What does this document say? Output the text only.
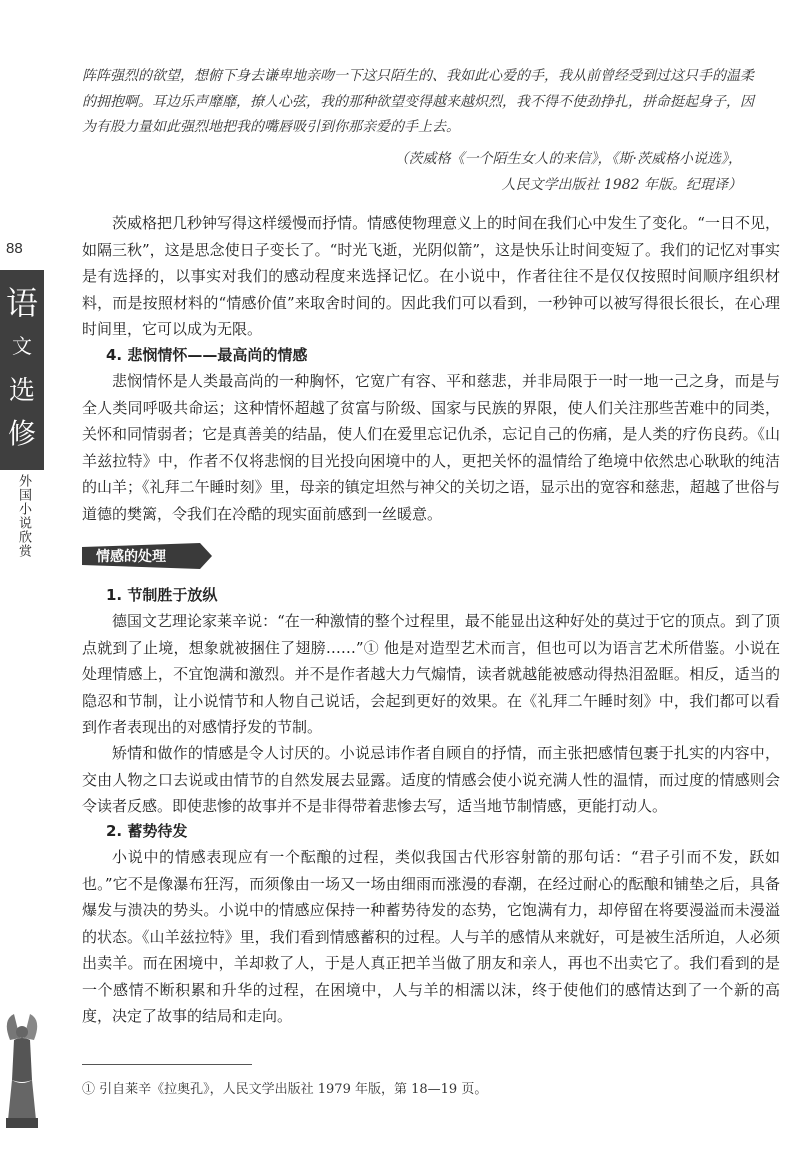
88
语
文
选
修
外国小说欣赏
阵阵强烈的欲望，想俯下身去谦卑地亲吻一下这只陌生的、我如此心爱的手，我从前曾经受到过这只手的温柔的拥抱啊。耳边乐声靡靡，撩人心弦，我的那种欲望变得越来越炽烈，我不得不使劲挣扎，拼命挺起身子，因为有股力量如此强烈地把我的嘴唇吸引到你那亲爱的手上去。
（茨威格《一个陌生女人的来信》，《斯·茨威格小说选》，
人民文学出版社 1982 年版。纪琨译）

茨威格把几秒钟写得这样缓慢而抒情。情感使物理意义上的时间在我们心中发生了变化。“一日不见，如隔三秋”，这是思念使日子变长了。“时光飞逝，光阴似箭”，这是快乐让时间变短了。我们的记忆对事实是有选择的，以事实对我们的感动程度来选择记忆。在小说中，作者往往不是仅仅按照时间顺序组织材料，而是按照材料的“情感价值”来取舍时间的。因此我们可以看到，一秒钟可以被写得很长很长，在心理时间里，它可以成为无限。

4. 悲悯情怀——最高尚的情感

悲悯情怀是人类最高尚的一种胸怀，它宽广有容、平和慈悲，并非局限于一时一地一己之身，而是与全人类同呼吸共命运；这种情怀超越了贫富与阶级、国家与民族的界限，使人们关注那些苦难中的同类，关怀和同情弱者；它是真善美的结晶，使人们在爱里忘记仇杀，忘记自己的伤痛，是人类的疗伤良药。《山羊兹拉特》中，作者不仅将悲悯的目光投向困境中的人，更把关怀的温情给了绝境中依然忠心耿耿的纯洁的山羊；《礼拜二午睡时刻》里，母亲的镇定坦然与神父的关切之语，显示出的宽容和慈悲，超越了世俗与道德的樊篱，令我们在冷酷的现实面前感到一丝暖意。

情感的处理
1. 节制胜于放纵

德国文艺理论家莱辛说：“在一种激情的整个过程里，最不能显出这种好处的莫过于它的顶点。到了顶点就到了止境，想象就被捆住了翅膀……”① 他是对造型艺术而言，但也可以为语言艺术所借鉴。小说在处理情感上，不宜饱满和激烈。并不是作者越大力气煽情，读者就越能被感动得热泪盈眶。相反，适当的隐忍和节制，让小说情节和人物自己说话，会起到更好的效果。在《礼拜二午睡时刻》中，我们都可以看到作者表现出的对感情抒发的节制。

矫情和做作的情感是令人讨厌的。小说忌讳作者自顾自的抒情，而主张把感情包裹于扎实的内容中，交由人物之口去说或由情节的自然发展去显露。适度的情感会使小说充满人性的温情，而过度的情感则会令读者反感。即使悲惨的故事并不是非得带着悲惨去写，适当地节制情感，更能打动人。

2. 蓄势待发

小说中的情感表现应有一个酝酿的过程，类似我国古代形容射箭的那句话：“君子引而不发，跃如也。”它不是像瀑布狂泻，而须像由一场又一场由细雨而涨漫的春潮，在经过耐心的酝酿和铺垫之后，具备爆发与溃决的势头。小说中的情感应保持一种蓄势待发的态势，它饱满有力，却停留在将要漫溢而未漫溢的状态。《山羊兹拉特》里，我们看到情感蓄积的过程。人与羊的感情从来就好，可是被生活所迫，人必须出卖羊。而在困境中，羊却救了人，于是人真正把羊当做了朋友和亲人，再也不出卖它了。我们看到的是一个感情不断积累和升华的过程，在困境中，人与羊的相濡以沫，终于使他们的感情达到了一个新的高度，决定了故事的结局和走向。

① 引自莱辛《拉奥孔》，人民文学出版社 1979 年版，第 18—19 页。
